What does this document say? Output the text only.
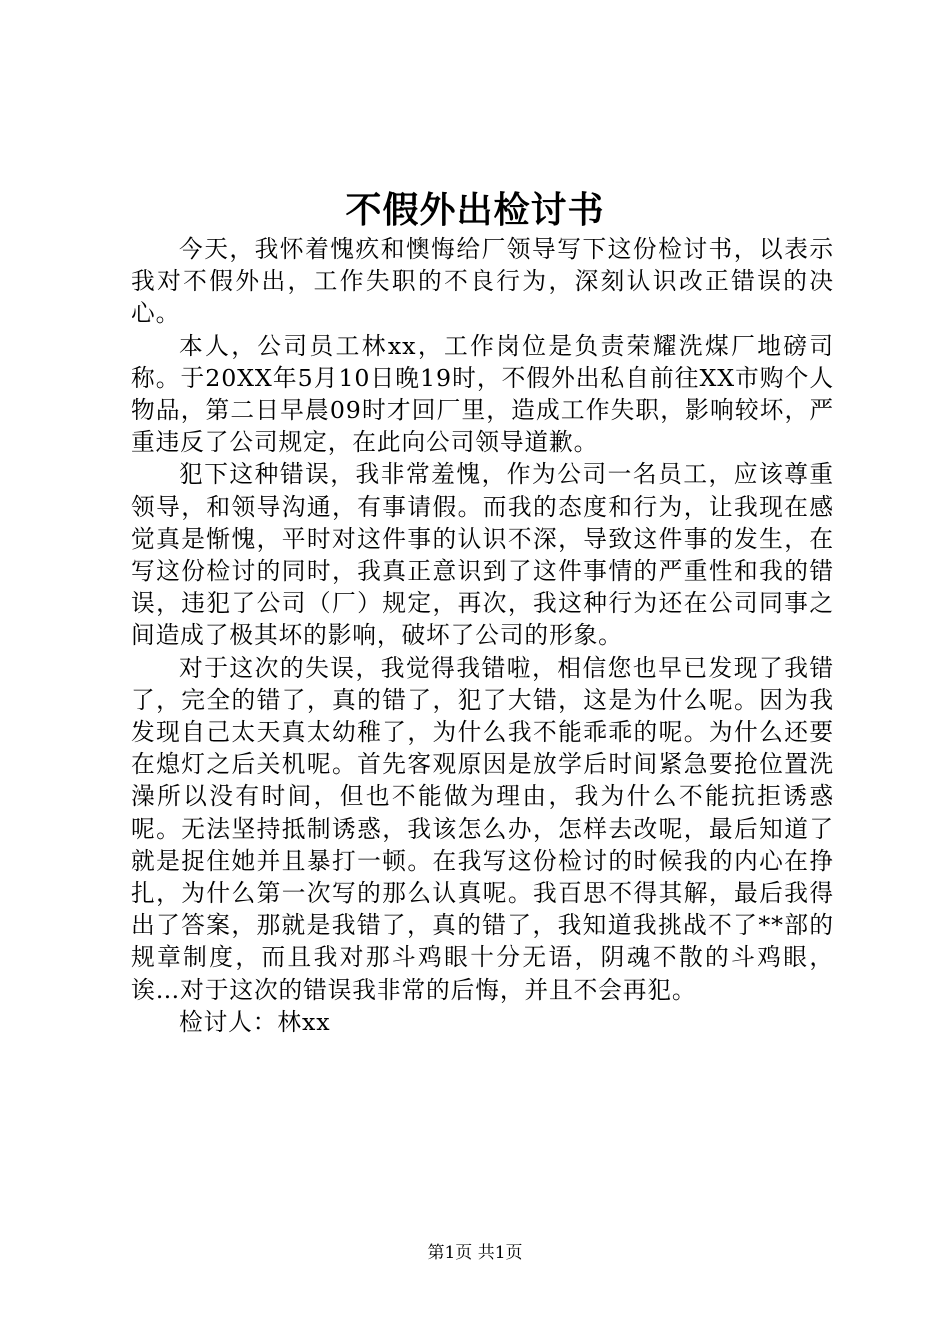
不假外出检讨书

今天，我怀着愧疚和懊悔给厂领导写下这份检讨书，以表示我对不假外出，工作失职的不良行为，深刻认识改正错误的决心。

本人，公司员工林xx，工作岗位是负责荣耀洗煤厂地磅司称。于20XX年5月10日晚19时，不假外出私自前往XX市购个人物品，第二日早晨09时才回厂里，造成工作失职，影响较坏，严重违反了公司规定，在此向公司领导道歉。

犯下这种错误，我非常羞愧，作为公司一名员工，应该尊重领导，和领导沟通，有事请假。而我的态度和行为，让我现在感觉真是惭愧，平时对这件事的认识不深，导致这件事的发生，在写这份检讨的同时，我真正意识到了这件事情的严重性和我的错误，违犯了公司（厂）规定，再次，我这种行为还在公司同事之间造成了极其坏的影响，破坏了公司的形象。

对于这次的失误，我觉得我错啦，相信您也早已发现了我错了，完全的错了，真的错了，犯了大错，这是为什么呢。因为我发现自己太天真太幼稚了，为什么我不能乖乖的呢。为什么还要在熄灯之后关机呢。首先客观原因是放学后时间紧急要抢位置洗澡所以没有时间，但也不能做为理由，我为什么不能抗拒诱惑呢。无法坚持抵制诱惑，我该怎么办，怎样去改呢，最后知道了就是捉住她并且暴打一顿。在我写这份检讨的时候我的内心在挣扎，为什么第一次写的那么认真呢。我百思不得其解，最后我得出了答案，那就是我错了，真的错了，我知道我挑战不了**部的规章制度，而且我对那斗鸡眼十分无语，阴魂不散的斗鸡眼，诶…对于这次的错误我非常的后悔，并且不会再犯。

检讨人：林xx

第1页 共1页
